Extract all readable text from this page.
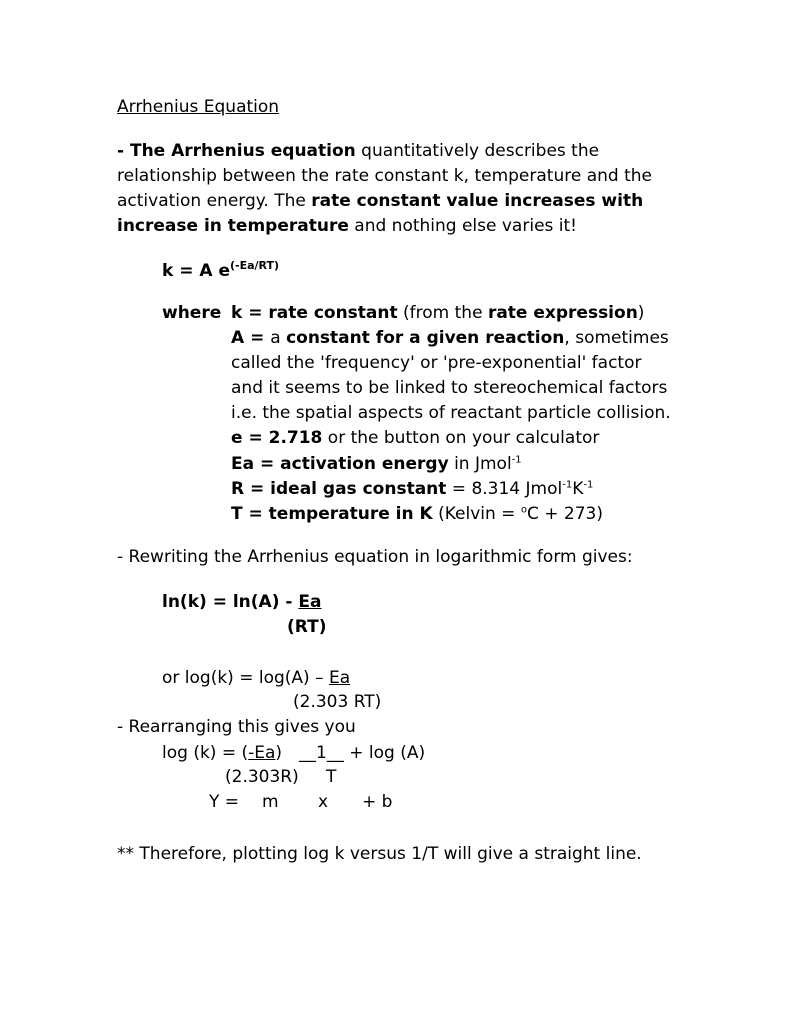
Arrhenius Equation
- The Arrhenius equation quantitatively describes the
relationship between the rate constant k, temperature and the
activation energy. The rate constant value increases with
increase in temperature and nothing else varies it!
k = A $e^{(-Ea/RT)}$
where k = rate constant (from the rate expression)
A = a constant for a given reaction, sometimes
called the 'frequency' or 'pre-exponential' factor
and it seems to be linked to stereochemical factors
i.e. the spatial aspects of reactant particle collision.
e = 2.718 or the button on your calculator
Ea = activation energy in Jmol$^{-1}$
R = ideal gas constant = 8.314 $Jmol^{-1}K^{-1}$
T = temperature in K (Kelvin = $^o$C + 273)
- Rewriting the Arrhenius equation in logarithmic form gives:
ln(k) = ln(A) - Ea
(RT)
or log(k) = log(A) – Ea
(2.303 RT)
- Rearranging this gives you
log (k) = (-Ea) __1__ + log (A)
(2.303R) T
Y = m x + b
** Therefore, plotting log k versus 1/T will give a straight line.
